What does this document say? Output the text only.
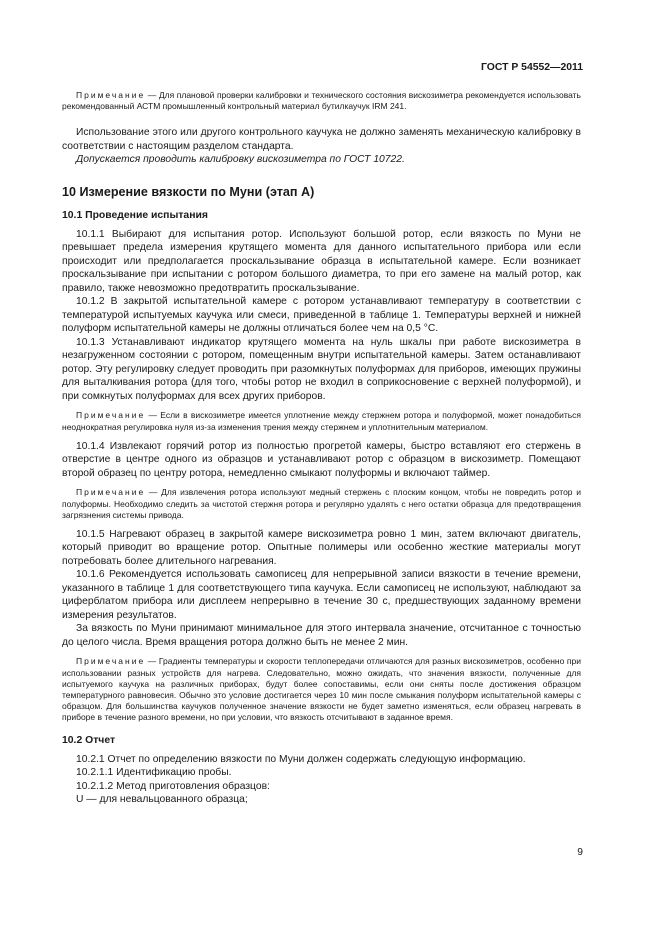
ГОСТ Р 54552—2011

Примечание — Для плановой проверки калибровки и технического состояния вискозиметра рекомендуется использовать рекомендованный АСТМ промышленный контрольный материал бутилкаучук IRM 241.

Использование этого или другого контрольного каучука не должно заменять механическую калибровку в соответствии с настоящим разделом стандарта.

Допускается проводить калибровку вискозиметра по ГОСТ 10722.

10 Измерение вязкости по Муни (этап А)
10.1 Проведение испытания

10.1.1 Выбирают для испытания ротор. Используют большой ротор, если вязкость по Муни не превышает предела измерения крутящего момента для данного испытательного прибора или если происходит или предполагается проскальзывание образца в испытательной камере. Если возникает проскальзывание при испытании с ротором большого диаметра, то при его замене на малый ротор, как правило, также невозможно предотвратить проскальзывание.

10.1.2 В закрытой испытательной камере с ротором устанавливают температуру в соответствии с температурой испытуемых каучука или смеси, приведенной в таблице 1. Температуры верхней и нижней полуформ испытательной камеры не должны отличаться более чем на 0,5 °С.

10.1.3 Устанавливают индикатор крутящего момента на нуль шкалы при работе вискозиметра в незагруженном состоянии с ротором, помещенным внутри испытательной камеры. Затем останавливают ротор. Эту регулировку следует проводить при разомкнутых полуформах для приборов, имеющих пружины для выталкивания ротора (для того, чтобы ротор не входил в соприкосновение с верхней полуформой), и при сомкнутых полуформах для всех других приборов.

Примечание — Если в вискозиметре имеется уплотнение между стержнем ротора и полуформой, может понадобиться неоднократная регулировка нуля из-за изменения трения между стержнем и уплотнительным материалом.

10.1.4 Извлекают горячий ротор из полностью прогретой камеры, быстро вставляют его стержень в отверстие в центре одного из образцов и устанавливают ротор с образцом в вискозиметр. Помещают второй образец по центру ротора, немедленно смыкают полуформы и включают таймер.

Примечание — Для извлечения ротора используют медный стержень с плоским концом, чтобы не повредить ротор и полуформы. Необходимо следить за чистотой стержня ротора и регулярно удалять с него остатки образца для предотвращения загрязнения системы привода.

10.1.5 Нагревают образец в закрытой камере вискозиметра ровно 1 мин, затем включают двигатель, который приводит во вращение ротор. Опытные полимеры или особенно жесткие материалы могут потребовать более длительного нагревания.

10.1.6 Рекомендуется использовать самописец для непрерывной записи вязкости в течение времени, указанного в таблице 1 для соответствующего типа каучука. Если самописец не используют, наблюдают за циферблатом прибора или дисплеем непрерывно в течение 30 с, предшествующих заданному времени измерения результатов.

За вязкость по Муни принимают минимальное для этого интервала значение, отсчитанное с точностью до целого числа. Время вращения ротора должно быть не менее 2 мин.

Примечание — Градиенты температуры и скорости теплопередачи отличаются для разных вискозиметров, особенно при использовании разных устройств для нагрева. Следовательно, можно ожидать, что значения вязкости, полученные для испытуемого каучука на различных приборах, будут более сопоставимы, если они сняты после достижения образцом температурного равновесия. Обычно это условие достигается через 10 мин после смыкания полуформ испытательной камеры с образцом. Для большинства каучуков полученное значение вязкости не будет заметно изменяться, если образец нагревать в приборе в течение разного времени, но при условии, что вязкость отсчитывают в заданное время.

10.2 Отчет

10.2.1 Отчет по определению вязкости по Муни должен содержать следующую информацию.

10.2.1.1 Идентификацию пробы.

10.2.1.2 Метод приготовления образцов:

U — для невальцованного образца;

9
